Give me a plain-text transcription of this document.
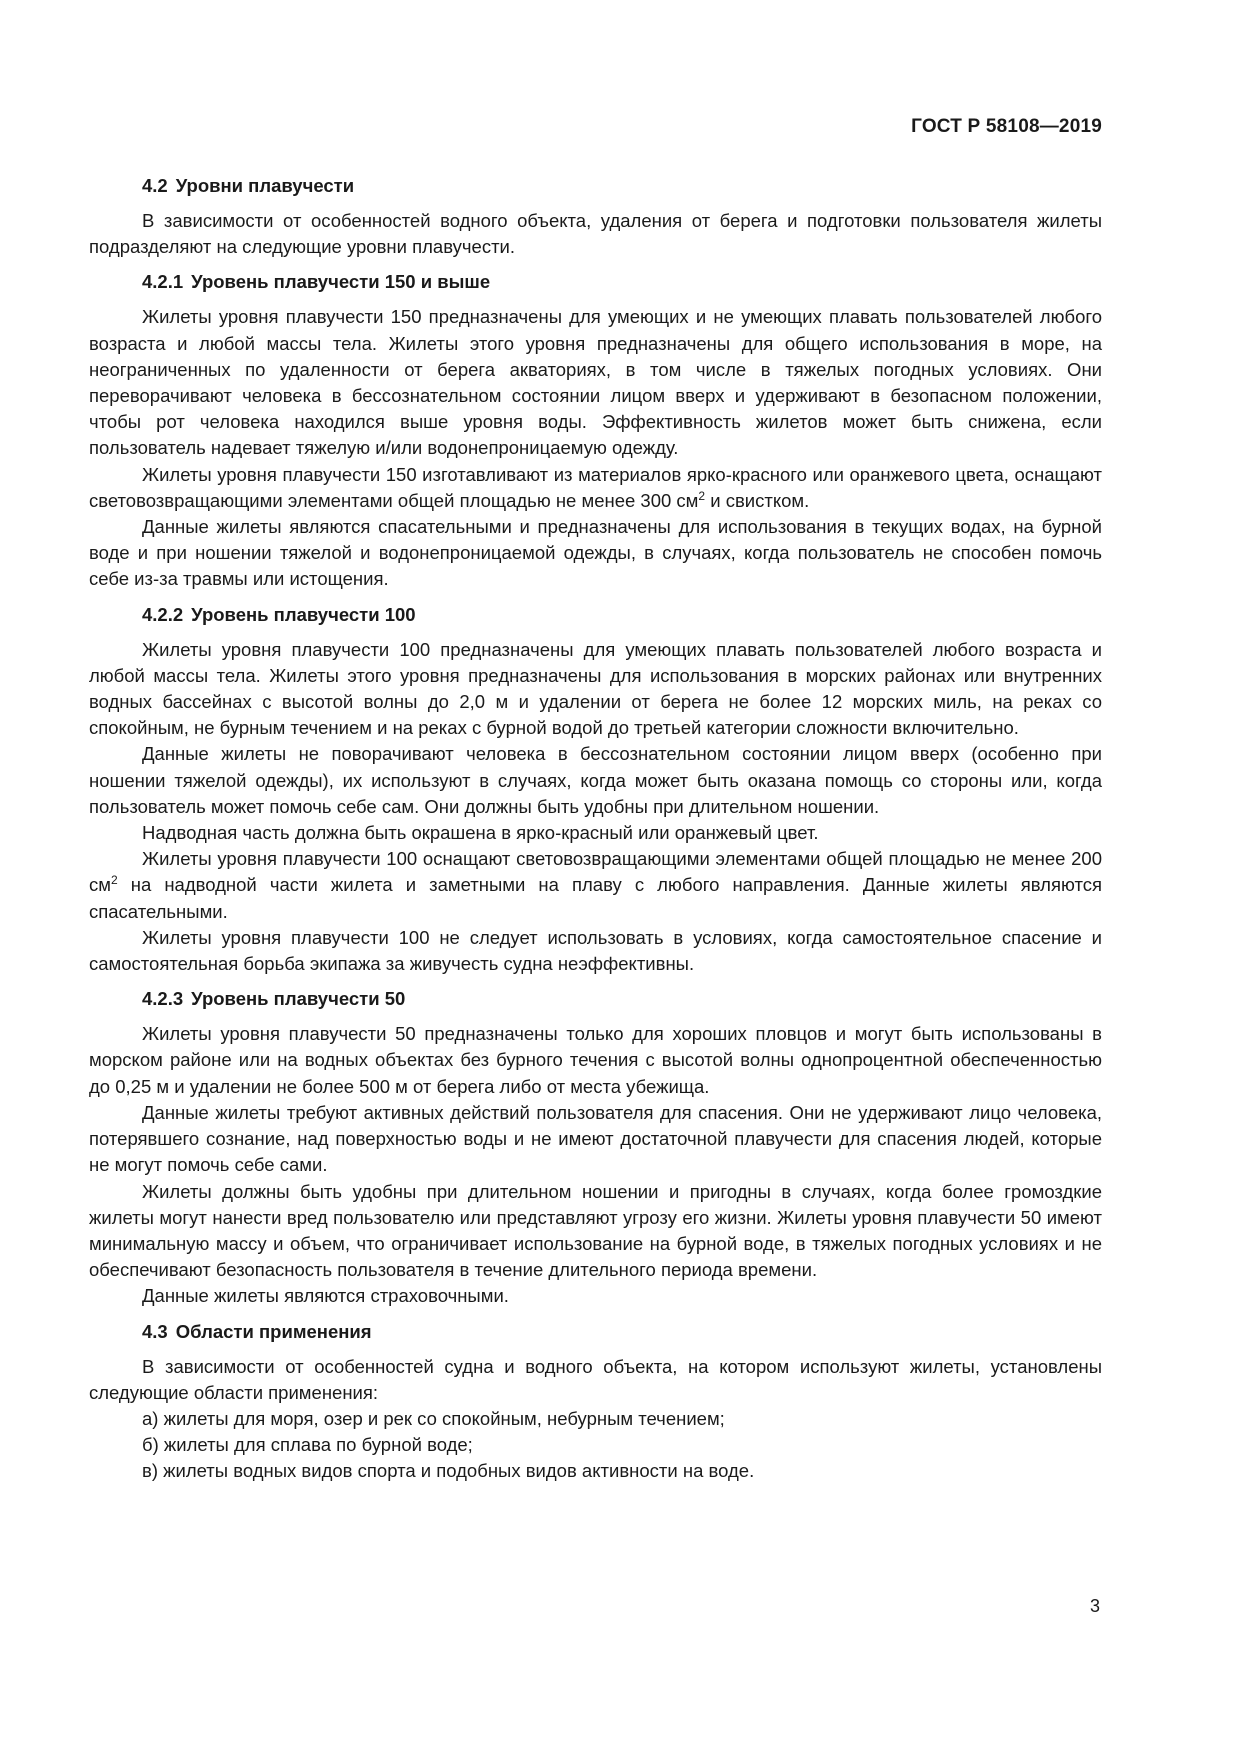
ГОСТ Р 58108—2019

4.2 Уровни плавучести

В зависимости от особенностей водного объекта, удаления от берега и подготовки пользователя жилеты подразделяют на следующие уровни плавучести.

4.2.1 Уровень плавучести 150 и выше

Жилеты уровня плавучести 150 предназначены для умеющих и не умеющих плавать пользователей любого возраста и любой массы тела. Жилеты этого уровня предназначены для общего использования в море, на неограниченных по удаленности от берега акваториях, в том числе в тяжелых погодных условиях. Они переворачивают человека в бессознательном состоянии лицом вверх и удерживают в безопасном положении, чтобы рот человека находился выше уровня воды. Эффективность жилетов может быть снижена, если пользователь надевает тяжелую и/или водонепроницаемую одежду.

Жилеты уровня плавучести 150 изготавливают из материалов ярко-красного или оранжевого цвета, оснащают световозвращающими элементами общей площадью не менее 300 $см^2$ и свистком.

Данные жилеты являются спасательными и предназначены для использования в текущих водах, на бурной воде и при ношении тяжелой и водонепроницаемой одежды, в случаях, когда пользователь не способен помочь себе из-за травмы или истощения.

4.2.2 Уровень плавучести 100

Жилеты уровня плавучести 100 предназначены для умеющих плавать пользователей любого возраста и любой массы тела. Жилеты этого уровня предназначены для использования в морских районах или внутренних водных бассейнах с высотой волны до 2,0 м и удалении от берега не более 12 морских миль, на реках со спокойным, не бурным течением и на реках с бурной водой до третьей категории сложности включительно.

Данные жилеты не поворачивают человека в бессознательном состоянии лицом вверх (особенно при ношении тяжелой одежды), их используют в случаях, когда может быть оказана помощь со стороны или, когда пользователь может помочь себе сам. Они должны быть удобны при длительном ношении.

Надводная часть должна быть окрашена в ярко-красный или оранжевый цвет.

Жилеты уровня плавучести 100 оснащают световозвращающими элементами общей площадью не менее 200 $см^2$ на надводной части жилета и заметными на плаву с любого направления. Данные жилеты являются спасательными.

Жилеты уровня плавучести 100 не следует использовать в условиях, когда самостоятельное спасение и самостоятельная борьба экипажа за живучесть судна неэффективны.

4.2.3 Уровень плавучести 50

Жилеты уровня плавучести 50 предназначены только для хороших пловцов и могут быть использованы в морском районе или на водных объектах без бурного течения с высотой волны однопроцентной обеспеченностью до 0,25 м и удалении не более 500 м от берега либо от места убежища.

Данные жилеты требуют активных действий пользователя для спасения. Они не удерживают лицо человека, потерявшего сознание, над поверхностью воды и не имеют достаточной плавучести для спасения людей, которые не могут помочь себе сами.

Жилеты должны быть удобны при длительном ношении и пригодны в случаях, когда более громоздкие жилеты могут нанести вред пользователю или представляют угрозу его жизни. Жилеты уровня плавучести 50 имеют минимальную массу и объем, что ограничивает использование на бурной воде, в тяжелых погодных условиях и не обеспечивают безопасность пользователя в течение длительного периода времени.

Данные жилеты являются страховочными.

4.3 Области применения

В зависимости от особенностей судна и водного объекта, на котором используют жилеты, установлены следующие области применения:

а) жилеты для моря, озер и рек со спокойным, небурным течением;

б) жилеты для сплава по бурной воде;

в) жилеты водных видов спорта и подобных видов активности на воде.

3
